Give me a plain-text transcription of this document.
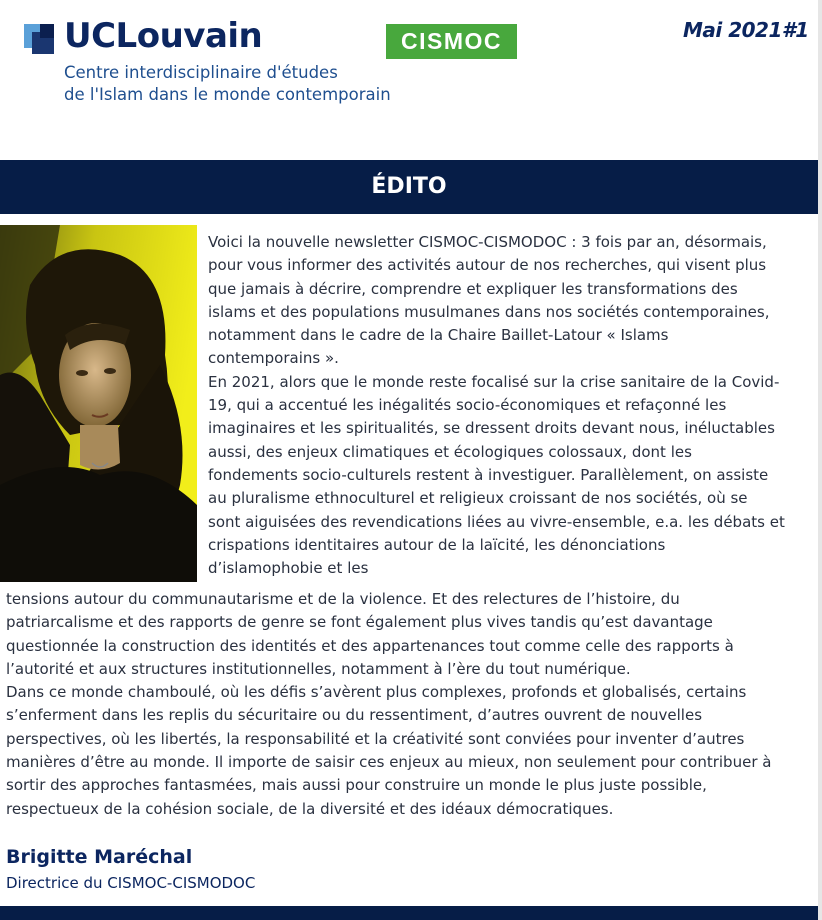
UCLouvain
Centre interdisciplinaire d'études
de l'Islam dans le monde contemporain
CISMOC	Mai 2021#1
ÉDITO
Voici la nouvelle newsletter CISMOC-CISMODOC : 3 fois par an, désormais,
pour vous informer des activités autour de nos recherches, qui visent plus
que jamais à décrire, comprendre et expliquer les transformations des
islams et des populations musulmanes dans nos sociétés contemporaines,
notamment dans le cadre de la Chaire Baillet-Latour « Islams
contemporains ».
En 2021, alors que le monde reste focalisé sur la crise sanitaire de la Covid-
19, qui a accentué les inégalités socio-économiques et refaçonné les
imaginaires et les spiritualités, se dressent droits devant nous, inéluctables
aussi, des enjeux climatiques et écologiques colossaux, dont les
fondements socio-culturels restent à investiguer. Parallèlement, on assiste
au pluralisme ethnoculturel et religieux croissant de nos sociétés, où se
sont aiguisées des revendications liées au vivre-ensemble, e.a. les débats et
crispations identitaires autour de la laïcité, les dénonciations
d’islamophobie et les
tensions autour du communautarisme et de la violence. Et des relectures de l’histoire, du
patriarcalisme et des rapports de genre se font également plus vives tandis qu’est davantage
questionnée la construction des identités et des appartenances tout comme celle des rapports à
l’autorité et aux structures institutionnelles, notamment à l’ère du tout numérique.
Dans ce monde chamboulé, où les défis s’avèrent plus complexes, profonds et globalisés, certains
s’enferment dans les replis du sécuritaire ou du ressentiment, d’autres ouvrent de nouvelles
perspectives, où les libertés, la responsabilité et la créativité sont conviées pour inventer d’autres
manières d’être au monde. Il importe de saisir ces enjeux au mieux, non seulement pour contribuer à
sortir des approches fantasmées, mais aussi pour construire un monde le plus juste possible,
respectueux de la cohésion sociale, de la diversité et des idéaux démocratiques.
Brigitte Maréchal
Directrice du CISMOC-CISMODOC
